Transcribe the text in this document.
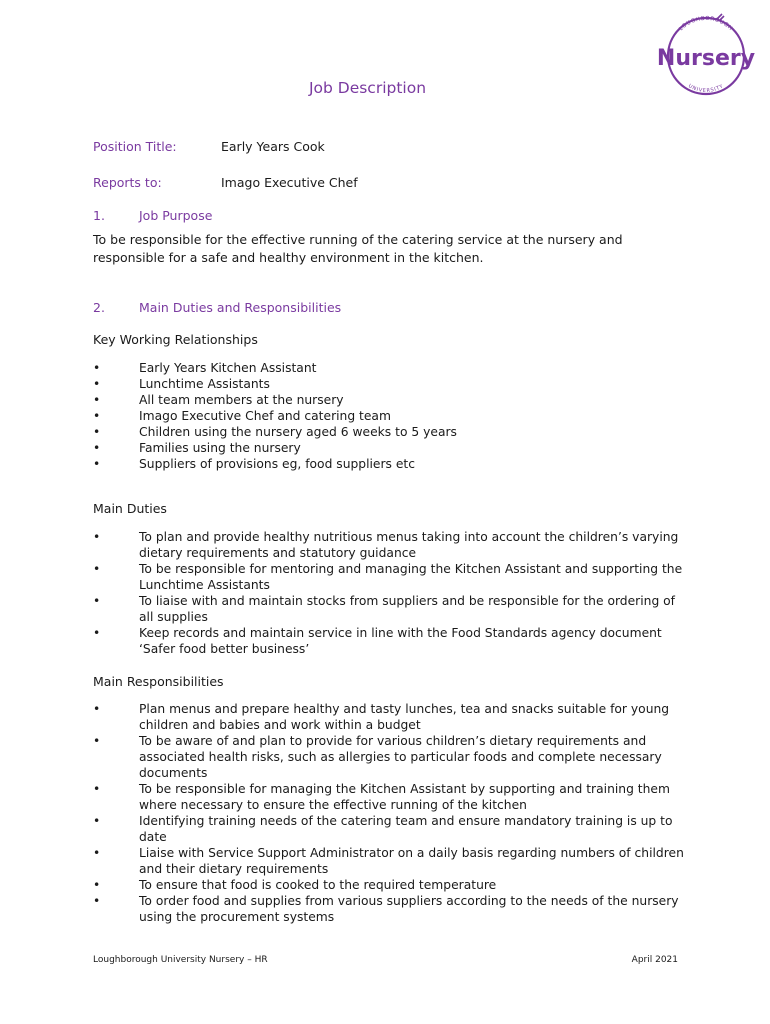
LOUGHBOROUGH
Nursery
UNIVERSITY
Job Description
Position Title:	Early Years Cook
Reports to:	Imago Executive Chef
1.	Job Purpose
To be responsible for the effective running of the catering service at the nursery and responsible for a safe and healthy environment in the kitchen.
2.	Main Duties and Responsibilities
Key Working Relationships
•	Early Years Kitchen Assistant
•	Lunchtime Assistants
•	All team members at the nursery
•	Imago Executive Chef and catering team
•	Children using the nursery aged 6 weeks to 5 years
•	Families using the nursery
•	Suppliers of provisions eg, food suppliers etc
Main Duties
•	To plan and provide healthy nutritious menus taking into account the children’s varying dietary requirements and statutory guidance
•	To be responsible for mentoring and managing the Kitchen Assistant and supporting the Lunchtime Assistants
•	To liaise with and maintain stocks from suppliers and be responsible for the ordering of all supplies
•	Keep records and maintain service in line with the Food Standards agency document ‘Safer food better business’
Main Responsibilities
•	Plan menus and prepare healthy and tasty lunches, tea and snacks suitable for young children and babies and work within a budget
•	To be aware of and plan to provide for various children’s dietary requirements and associated health risks, such as allergies to particular foods and complete necessary documents
•	To be responsible for managing the Kitchen Assistant by supporting and training them where necessary to ensure the effective running of the kitchen
•	Identifying training needs of the catering team and ensure mandatory training is up to date
•	Liaise with Service Support Administrator on a daily basis regarding numbers of children and their dietary requirements
•	To ensure that food is cooked to the required temperature
•	To order food and supplies from various suppliers according to the needs of the nursery using the procurement systems
Loughborough University Nursery – HR	April 2021
